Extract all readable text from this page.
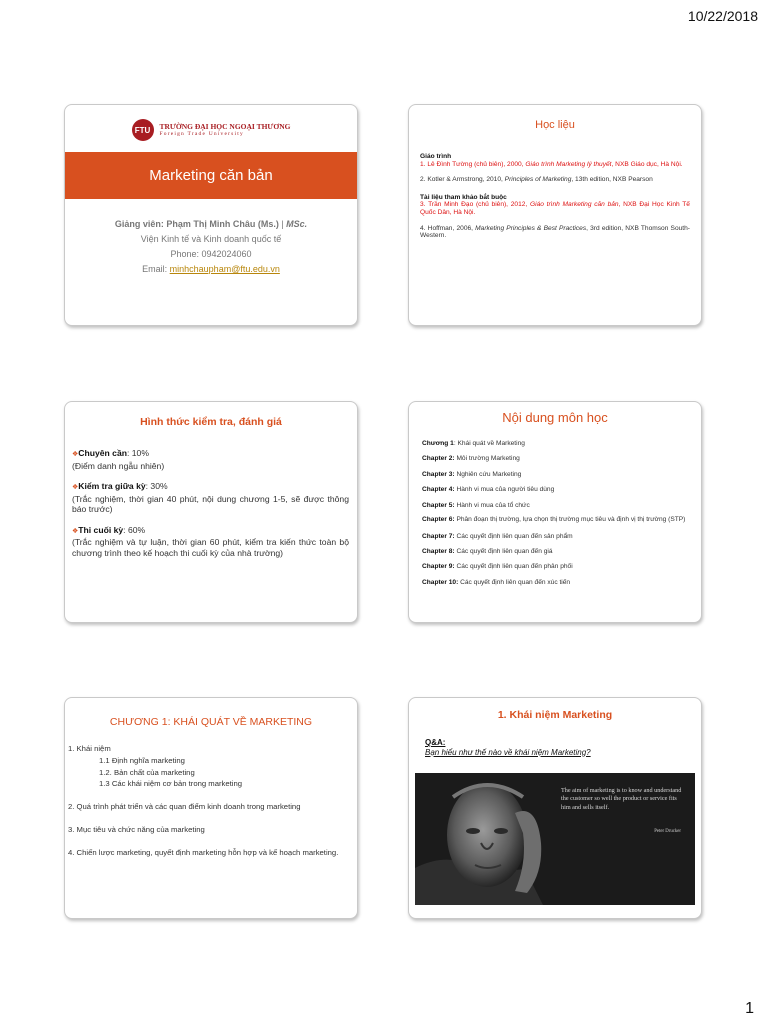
10/22/2018
FTU	TRƯỜNG ĐẠI HỌC NGOẠI THƯƠNG
Foreign Trade University
Marketing căn bản
Giảng viên: Phạm Thị Minh Châu (Ms.) | MSc.
Viện Kinh tế và Kinh doanh quốc tế
Phone: 0942024060
Email: minhchaupham@ftu.edu.vn
Học liệu
Giáo trình

1. Lê Đình Tường (chủ biên), 2000, Giáo trình Marketing lý thuyết, NXB Giáo dục, Hà Nội.

2. Kotler & Armstrong, 2010, Principles of Marketing, 13th edition, NXB Pearson

Tài liệu tham khảo bắt buộc

3. Trần Minh Đạo (chủ biên), 2012, Giáo trình Marketing căn bản, NXB Đại Học Kinh Tế Quốc Dân, Hà Nội.

4. Hoffman, 2006, Marketing Principles & Best Practices, 3rd edition, NXB Thomson South-Western.

Hình thức kiểm tra, đánh giá
❖Chuyên cần: 10%
(Điểm danh ngẫu nhiên)
❖Kiểm tra giữa kỳ: 30%
(Trắc nghiệm, thời gian 40 phút, nội dung chương 1-5, sẽ được thông báo trước)
❖Thi cuối kỳ: 60%
(Trắc nghiệm và tự luận, thời gian 60 phút, kiểm tra kiến thức toàn bộ chương trình theo kế hoạch thi cuối kỳ của nhà trường)
Nội dung môn học
Chương 1: Khái quát về Marketing
Chapter 2: Môi trường Marketing
Chapter 3: Nghiên cứu Marketing
Chapter 4: Hành vi mua của người tiêu dùng
Chapter 5: Hành vi mua của tổ chức
Chapter 6: Phân đoạn thị trường, lựa chọn thị trường mục tiêu và định vị thị trường (STP)
Chapter 7: Các quyết định liên quan đến sản phẩm
Chapter 8: Các quyết định liên quan đến giá
Chapter 9: Các quyết định liên quan đến phân phối
Chapter 10: Các quyết định liên quan đến xúc tiến
CHƯƠNG 1: KHÁI QUÁT VỀ MARKETING
1. Khái niệm
1.1 Định nghĩa marketing
1.2. Bản chất của marketing
1.3 Các khái niệm cơ bản trong marketing
2. Quá trình phát triển và các quan điểm kinh doanh trong marketing
3. Mục tiêu và chức năng của marketing
4. Chiến lược marketing, quyết định marketing hỗn hợp và kế hoạch marketing.
1. Khái niệm Marketing
Q&A:
Bạn hiểu như thế nào về khái niệm Marketing?
The aim of marketing is to know and understand the customer so well the product or service fits him and sells itself.
Peter Drucker
1
